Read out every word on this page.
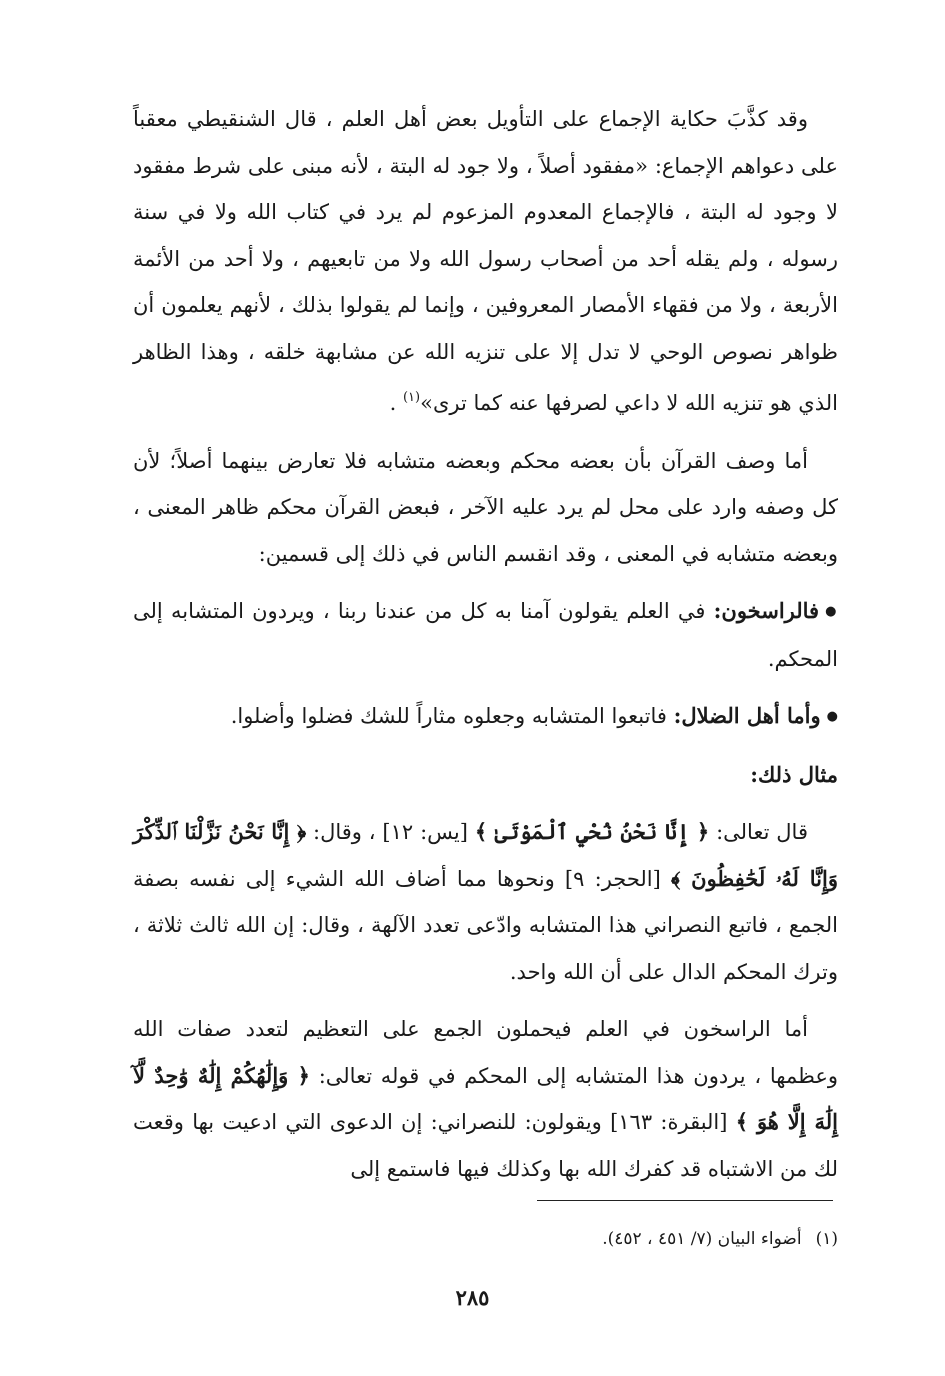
وقد كذَّبَ حكاية الإجماع على التأويل بعض أهل العلم ، قال الشنقيطي معقباً على دعواهم الإجماع: «مفقود أصلاً ، ولا جود له البتة ، لأنه مبنى على شرط مفقود لا وجود له البتة ، فالإجماع المعدوم المزعوم لم يرد في كتاب الله ولا في سنة رسوله ، ولم يقله أحد من أصحاب رسول الله ولا من تابعيهم ، ولا أحد من الأئمة الأربعة ، ولا من فقهاء الأمصار المعروفين ، وإنما لم يقولوا بذلك ، لأنهم يعلمون أن ظواهر نصوص الوحي لا تدل إلا على تنزيه الله عن مشابهة خلقه ، وهذا الظاهر الذي هو تنزيه الله لا داعي لصرفها عنه كما ترى»$^{(١)}$ .

أما وصف القرآن بأن بعضه محكم وبعضه متشابه فلا تعارض بينهما أصلاً؛ لأن كل وصفه وارد على محل لم يرد عليه الآخر ، فبعض القرآن محكم ظاهر المعنى ، وبعضه متشابه في المعنى ، وقد انقسم الناس في ذلك إلى قسمين:

● فالراسخون: في العلم يقولون آمنا به كل من عندنا ربنا ، ويردون المتشابه إلى المحكم.

● وأما أهل الضلال: فاتبعوا المتشابه وجعلوه مثاراً للشك فضلوا وأضلوا.

مثال ذلك:

قال تعالى: ﴿ إِنَّا نَحْنُ نُحْيِ ٱلْمَوْتَىٰ ﴾ [يس: ١٢] ، وقال: ﴿ إِنَّا نَحْنُ نَزَّلْنَا ٱلذِّكْرَ وَإِنَّا لَهُۥ لَحَٰفِظُونَ ﴾ [الحجر: ٩] ونحوها مما أضاف الله الشيء إلى نفسه بصفة الجمع ، فاتبع النصراني هذا المتشابه وادّعى تعدد الآلهة ، وقال: إن الله ثالث ثلاثة ، وترك المحكم الدال على أن الله واحد.

أما الراسخون في العلم فيحملون الجمع على التعظيم لتعدد صفات الله وعظمها ، يردون هذا المتشابه إلى المحكم في قوله تعالى: ﴿ وَإِلَٰهُكُمْ إِلَٰهٌ وَٰحِدٌ لَّآ إِلَٰهَ إِلَّا هُوَ ﴾ [البقرة: ١٦٣] ويقولون: للنصراني: إن الدعوى التي ادعيت بها وقعت لك من الاشتباه قد كفرك الله بها وكذلك فيها فاستمع إلى

(١)أضواء البيان (٧/ ٤٥١ ، ٤٥٢).
٢٨٥
